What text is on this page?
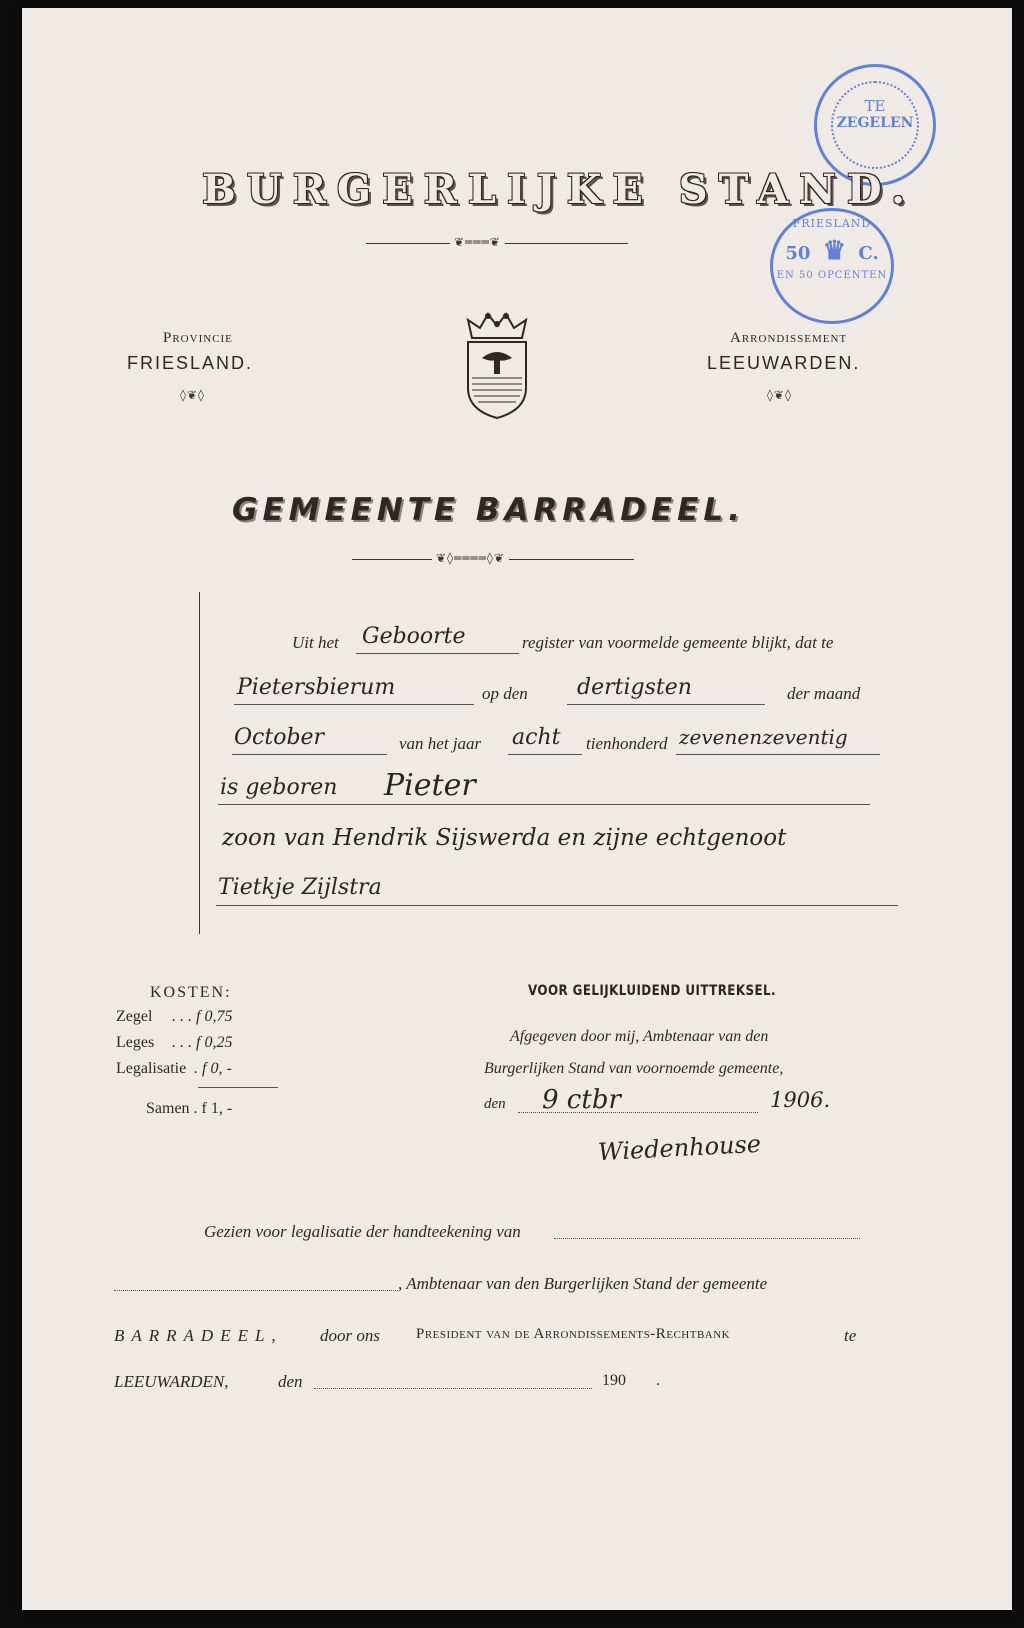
TE
ZEGELEN
FRIESLAND
50 ♛ C.
EN 50 OPCENTEN
BURGERLIJKE STAND.
❦═══❦
Provincie
FRIESLAND.
◊❦◊
Arrondissement
LEEUWARDEN.
◊❦◊
GEMEENTE BARRADEEL.
❦◊════◊❦
Uit het Geboorte	register van voormelde gemeente blijkt, dat te
Pietersbierum	op den dertigsten	der maand
October	van het jaar acht tienhonderd zevenenzeventig
is geboren Pieter
zoon van Hendrik Sijswerda en zijne echtgenoot
Tietkje Zijlstra
KOSTEN:
Zegel . . . f 0,75
Leges . . . f 0,25
Legalisatie . f 0, -
Samen . f 1, -
VOOR GELIJKLUIDEND UITTREKSEL.
Afgegeven door mij, Ambtenaar van den
Burgerlijken Stand van voornoemde gemeente,
den 9 ctbr	1906.
Wiedenhouse
Gezien voor legalisatie der handteekening van
, Ambtenaar van den Burgerlijken Stand der gemeente
BARRADEEL, door ons President van de Arrondissements-Rechtbank	te
LEEUWARDEN,	den	190 .
